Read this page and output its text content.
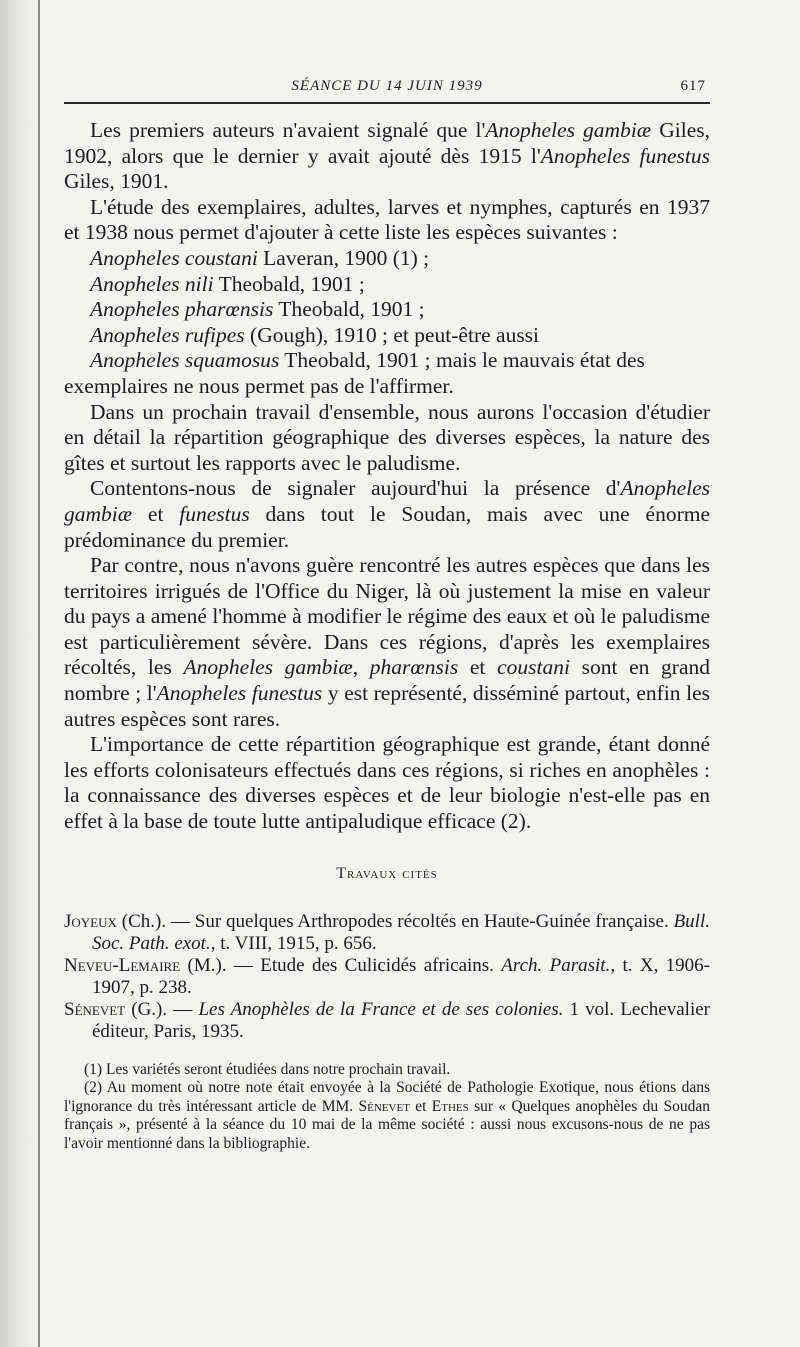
SÉANCE DU 14 JUIN 1939	617

Les premiers auteurs n'avaient signalé que l'Anopheles gambiæ Giles, 1902, alors que le dernier y avait ajouté dès 1915 l'Anopheles funestus Giles, 1901.

L'étude des exemplaires, adultes, larves et nymphes, capturés en 1937 et 1938 nous permet d'ajouter à cette liste les espèces suivantes :

Anopheles coustani Laveran, 1900 (1) ;

Anopheles nili Theobald, 1901 ;

Anopheles pharœnsis Theobald, 1901 ;

Anopheles rufipes (Gough), 1910 ; et peut-être aussi

Anopheles squamosus Theobald, 1901 ; mais le mauvais état des

exemplaires ne nous permet pas de l'affirmer.

Dans un prochain travail d'ensemble, nous aurons l'occasion d'étudier en détail la répartition géographique des diverses espèces, la nature des gîtes et surtout les rapports avec le paludisme.

Contentons-nous de signaler aujourd'hui la présence d'Anopheles gambiæ et funestus dans tout le Soudan, mais avec une énorme prédominance du premier.

Par contre, nous n'avons guère rencontré les autres espèces que dans les territoires irrigués de l'Office du Niger, là où justement la mise en valeur du pays a amené l'homme à modifier le régime des eaux et où le paludisme est particulièrement sévère. Dans ces régions, d'après les exemplaires récoltés, les Anopheles gambiæ, pharœnsis et coustani sont en grand nombre ; l'Anopheles funestus y est représenté, disséminé partout, enfin les autres espèces sont rares.

L'importance de cette répartition géographique est grande, étant donné les efforts colonisateurs effectués dans ces régions, si riches en anophèles : la connaissance des diverses espèces et de leur biologie n'est-elle pas en effet à la base de toute lutte antipaludique efficace (2).

Travaux cités

Joyeux (Ch.). — Sur quelques Arthropodes récoltés en Haute-Guinée française. Bull. Soc. Path. exot., t. VIII, 1915, p. 656.

Neveu-Lemaire (M.). — Etude des Culicidés africains. Arch. Parasit., t. X, 1906-1907, p. 238.

Sénevet (G.). — Les Anophèles de la France et de ses colonies. 1 vol. Lechevalier éditeur, Paris, 1935.

(1) Les variétés seront étudiées dans notre prochain travail.

(2) Au moment où notre note était envoyée à la Société de Pathologie Exotique, nous étions dans l'ignorance du très intéressant article de MM. Sénevet et Ethes sur « Quelques anophèles du Soudan français », présenté à la séance du 10 mai de la même société : aussi nous excusons-nous de ne pas l'avoir mentionné dans la bibliographie.
